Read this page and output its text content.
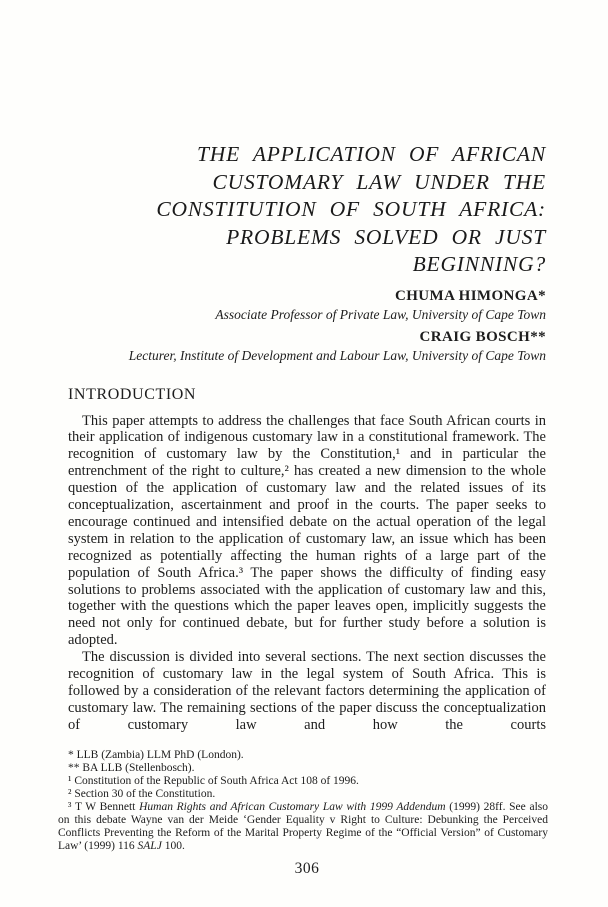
THE APPLICATION OF AFRICAN
CUSTOMARY LAW UNDER THE
CONSTITUTION OF SOUTH AFRICA:
PROBLEMS SOLVED OR JUST
BEGINNING?
CHUMA HIMONGA*
Associate Professor of Private Law, University of Cape Town
CRAIG BOSCH**
Lecturer, Institute of Development and Labour Law, University of Cape Town
INTRODUCTION

This paper attempts to address the challenges that face South African courts in their application of indigenous customary law in a constitutional framework. The recognition of customary law by the Constitution,¹ and in particular the entrenchment of the right to culture,² has created a new dimension to the whole question of the application of customary law and the related issues of its conceptualization, ascertainment and proof in the courts. The paper seeks to encourage continued and intensified debate on the actual operation of the legal system in relation to the application of customary law, an issue which has been recognized as potentially affecting the human rights of a large part of the population of South Africa.³ The paper shows the difficulty of finding easy solutions to problems associated with the application of customary law and this, together with the questions which the paper leaves open, implicitly suggests the need not only for continued debate, but for further study before a solution is adopted.

The discussion is divided into several sections. The next section discusses the recognition of customary law in the legal system of South Africa. This is followed by a consideration of the relevant factors determining the application of customary law. The remaining sections of the paper discuss the conceptualization of customary law and how the courts

* LLB (Zambia) LLM PhD (London).

** BA LLB (Stellenbosch).

¹ Constitution of the Republic of South Africa Act 108 of 1996.

² Section 30 of the Constitution.

³ T W Bennett Human Rights and African Customary Law with 1999 Addendum (1999) 28ff. See also on this debate Wayne van der Meide ‘Gender Equality v Right to Culture: Debunking the Perceived Conflicts Preventing the Reform of the Marital Property Regime of the “Official Version” of Customary Law’ (1999) 116 SALJ 100.

306
